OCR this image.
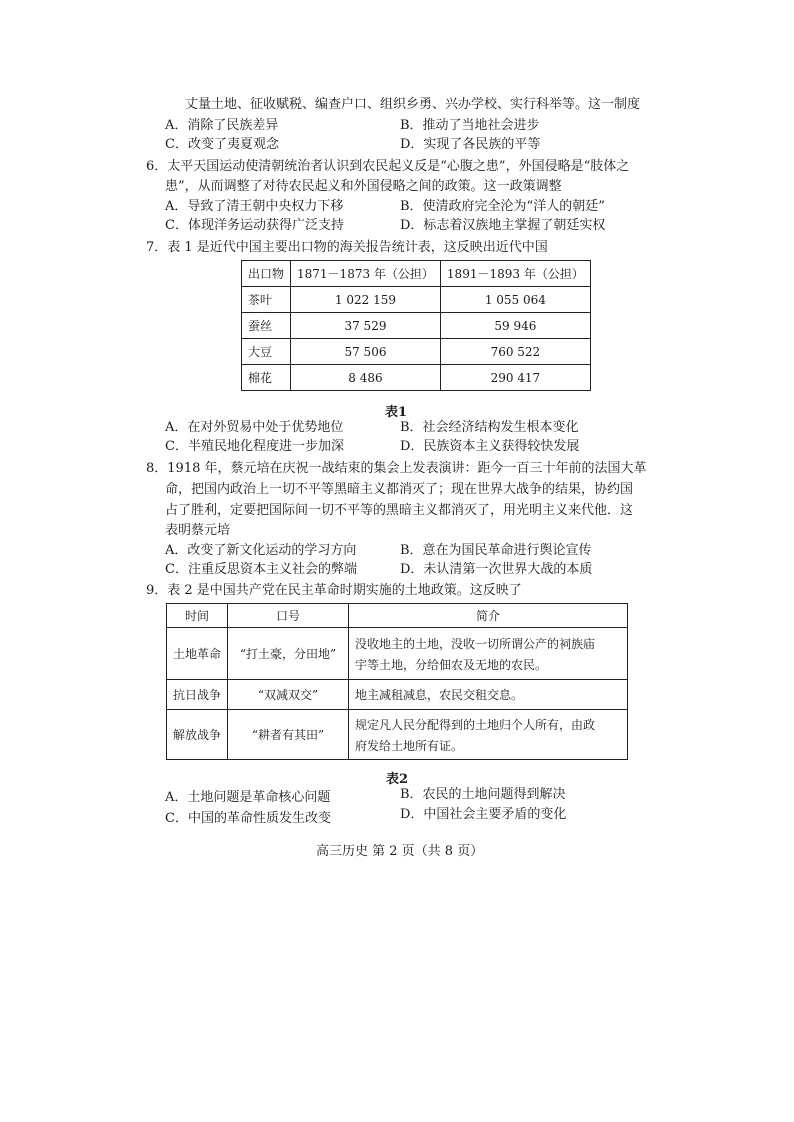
丈量土地、征收赋税、编查户口、组织乡勇、兴办学校、实行科举等。这一制度
A．消除了民族差异	B．推动了当地社会进步
C．改变了夷夏观念	D．实现了各民族的平等
6．太平天国运动使清朝统治者认识到农民起义反是“心腹之患”，外国侵略是“肢体之
患”，从而调整了对待农民起义和外国侵略之间的政策。这一政策调整
A．导致了清王朝中央权力下移	B．使清政府完全沦为“洋人的朝廷”
C．体现洋务运动获得广泛支持	D．标志着汉族地主掌握了朝廷实权
7．表 1 是近代中国主要出口物的海关报告统计表，这反映出近代中国
出口物	1871－1873 年（公担）	1891－1893 年（公担）
茶叶	1 022 159	1 055 064
蚕丝	37 529	59 946
大豆	57 506	760 522
棉花	8 486	290 417
表1
A．在对外贸易中处于优势地位	B．社会经济结构发生根本变化
C．半殖民地化程度进一步加深	D．民族资本主义获得较快发展
8．1918 年，蔡元培在庆祝一战结束的集会上发表演讲：距今一百三十年前的法国大革
命，把国内政治上一切不平等黑暗主义都消灭了；现在世界大战争的结果，协约国
占了胜利，定要把国际间一切不平等的黑暗主义都消灭了，用光明主义来代他．这
表明蔡元培
A．改变了新文化运动的学习方向	B．意在为国民革命进行舆论宣传
C．注重反思资本主义社会的弊端	D．未认清第一次世界大战的本质
9．表 2 是中国共产党在民主革命时期实施的土地政策。这反映了
时间	口号	简介
土地革命	“打土豪，分田地”	没收地主的土地，没收一切所谓公产的祠族庙
宇等土地，分给佃农及无地的农民。

抗日战争	“双减双交”	地主减租减息，农民交租交息。
解放战争	“耕者有其田”	规定凡人民分配得到的土地归个人所有，由政
府发给土地所有证。
表2
A．土地问题是革命核心问题	B．农民的土地问题得到解决
C．中国的革命性质发生改变	D．中国社会主要矛盾的变化
高三历史 第 2 页（共 8 页）
